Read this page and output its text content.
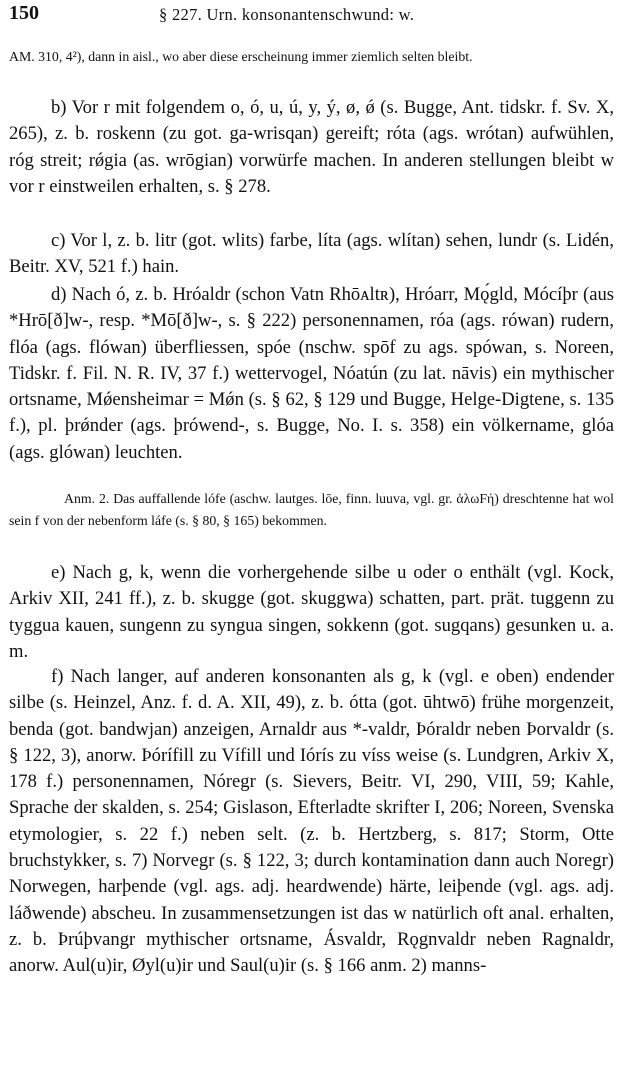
150	§ 227. Urn. konsonantenschwund: w.
AM. 310, 4²), dann in aisl., wo aber diese erscheinung immer ziemlich selten bleibt.
b) Vor r mit folgendem o, ó, u, ú, y, ý, ø, ǿ (s. Bugge, Ant. tidskr. f. Sv. X, 265), z. b. roskenn (zu got. ga-wrisqan) gereift; róta (ags. wrótan) aufwühlen, róg streit; rǿgia (as. wrōgian) vorwürfe machen. In anderen stellungen bleibt w vor r einstweilen erhalten, s. § 278.
c) Vor l, z. b. litr (got. wlits) farbe, líta (ags. wlítan) sehen, lundr (s. Lidén, Beitr. XV, 521 f.) hain.
d) Nach ó, z. b. Hróaldr (schon Vatn Rhōᴀltʀ), Hróarr, Mǫ́gld, Mócíþr (aus *Hrō[ð]w-, resp. *Mō[ð]w-, s. § 222) personennamen, róa (ags. rówan) rudern, flóa (ags. flówan) überfliessen, spóe (nschw. spōf zu ags. spówan, s. Noreen, Tidskr. f. Fil. N. R. IV, 37 f.) wettervogel, Nóatún (zu lat. nāvis) ein mythischer ortsname, Mǿensheimar = Mǿn (s. § 62, § 129 und Bugge, Helge-Digtene, s. 135 f.), pl. þrǿnder (ags. þrówend-, s. Bugge, No. I. s. 358) ein völkername, glóa (ags. glówan) leuchten.
Anm. 2. Das auffallende lófe (aschw. lautges. lōe, finn. luuva, vgl. gr. ἀλωFή) dreschtenne hat wol sein f von der nebenform láfe (s. § 80, § 165) bekommen.
e) Nach g, k, wenn die vorhergehende silbe u oder o enthält (vgl. Kock, Arkiv XII, 241 ff.), z. b. skugge (got. skuggwa) schatten, part. prät. tuggenn zu tyggua kauen, sungenn zu syngua singen, sokkenn (got. sugqans) gesunken u. a. m.
f) Nach langer, auf anderen konsonanten als g, k (vgl. e oben) endender silbe (s. Heinzel, Anz. f. d. A. XII, 49), z. b. ótta (got. ūhtwō) frühe morgenzeit, benda (got. bandwjan) anzeigen, Arnaldr aus *-valdr, Þóraldr neben Þorvaldr (s. § 122, 3), anorw. Þórífill zu Vífill und Iórís zu víss weise (s. Lundgren, Arkiv X, 178 f.) personennamen, Nóregr (s. Sievers, Beitr. VI, 290, VIII, 59; Kahle, Sprache der skalden, s. 254; Gislason, Efterladte skrifter I, 206; Noreen, Svenska etymologier, s. 22 f.) neben selt. (z. b. Hertzberg, s. 817; Storm, Otte bruchstykker, s. 7) Norvegr (s. § 122, 3; durch kontamination dann auch Noregr) Norwegen, harþende (vgl. ags. adj. heardwende) härte, leiþende (vgl. ags. adj. láðwende) abscheu. In zusammensetzungen ist das w natürlich oft anal. erhalten, z. b. Þrúþvangr mythischer ortsname, Ásvaldr, Rǫgnvaldr neben Ragnaldr, anorw. Aul(u)ir, Øyl(u)ir und Saul(u)ir (s. § 166 anm. 2) manns-
